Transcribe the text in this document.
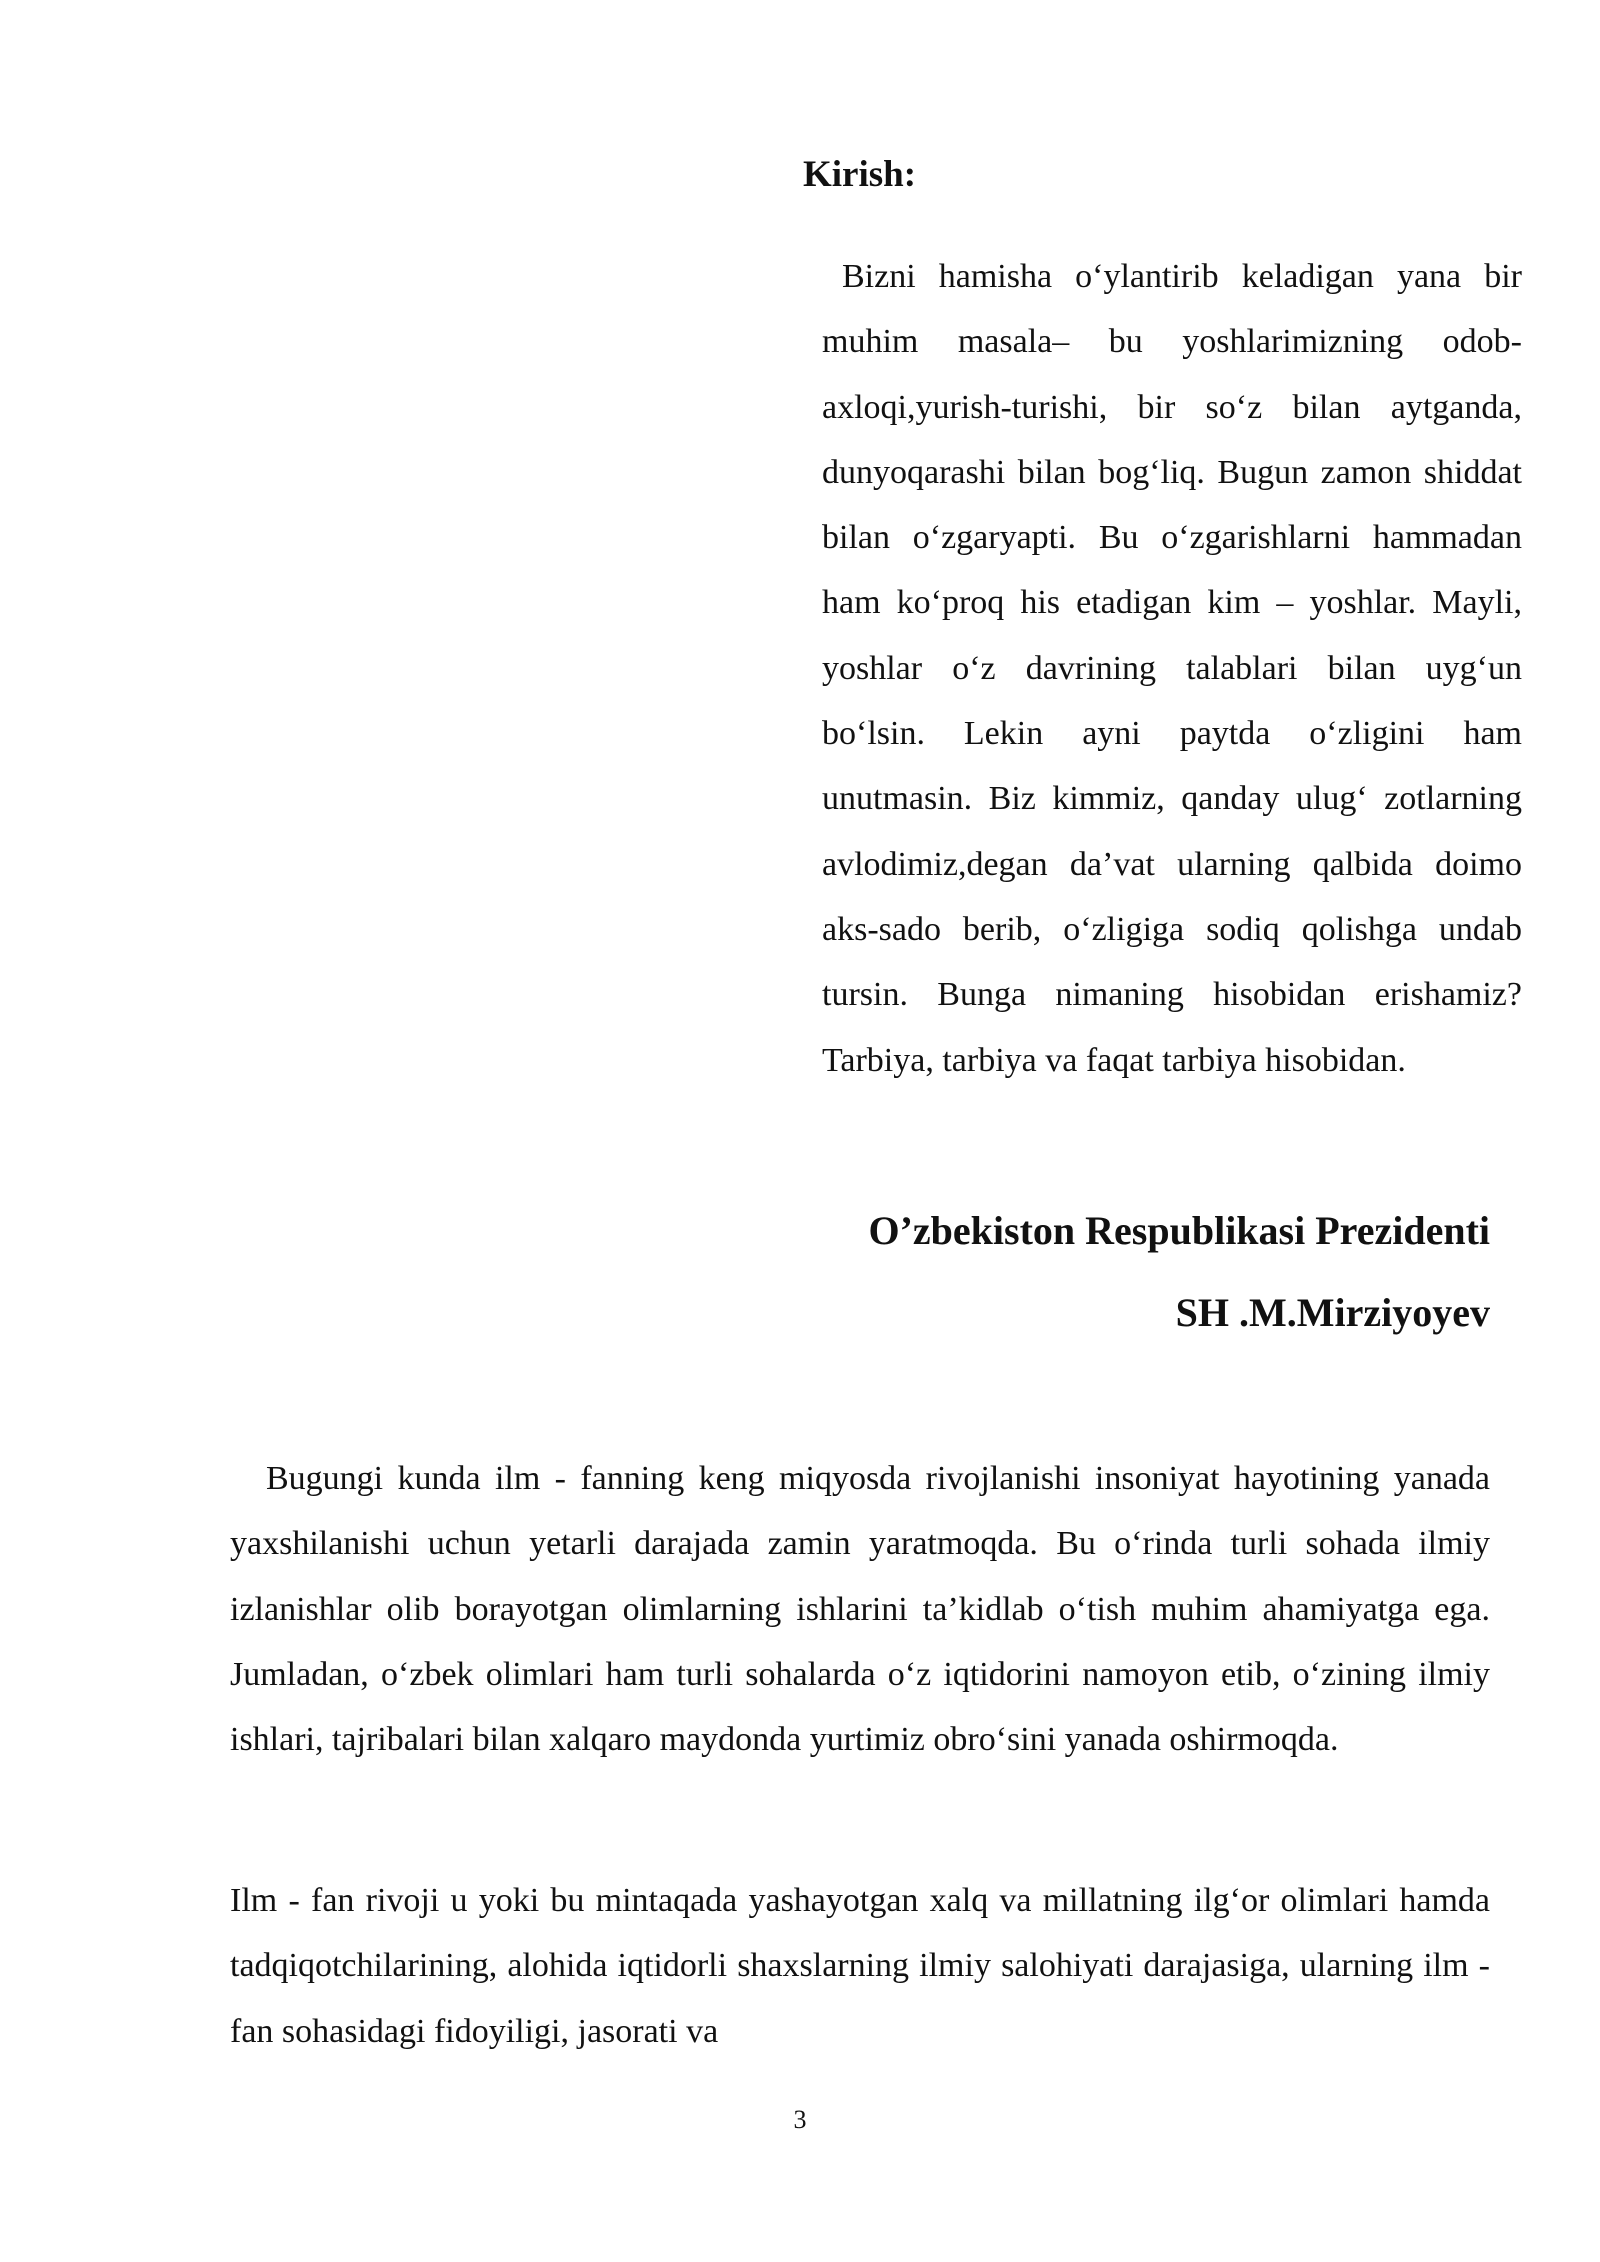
Kirish:

Bizni hamisha o‘ylantirib keladigan yana bir muhim masala– bu yoshlarimizning odob-axloqi,yurish-turishi, bir so‘z bilan aytganda, dunyoqarashi bilan bog‘liq. Bugun zamon shiddat bilan o‘zgaryapti. Bu o‘zgarishlarni hammadan ham ko‘proq his etadigan kim – yoshlar. Mayli, yoshlar o‘z davrining talablari bilan uyg‘un bo‘lsin. Lekin ayni paytda o‘zligini ham unutmasin. Biz kimmiz, qanday ulug‘ zotlarning avlodimiz,degan da’vat ularning qalbida doimo aks-sado berib, o‘zligiga sodiq qolishga undab tursin. Bunga nimaning hisobidan erishamiz? Tarbiya, tarbiya va faqat tarbiya hisobidan.

O’zbekiston Respublikasi Prezidenti
SH .M.Mirziyoyev

Bugungi kunda ilm - fanning keng miqyosda rivojlanishi insoniyat hayotining yanada yaxshilanishi uchun yetarli darajada zamin yaratmoqda. Bu o‘rinda turli sohada ilmiy izlanishlar olib borayotgan olimlarning ishlarini ta’kidlab o‘tish muhim ahamiyatga ega. Jumladan, o‘zbek olimlari ham turli sohalarda o‘z iqtidorini namoyon etib, o‘zining ilmiy ishlari, tajribalari bilan xalqaro maydonda yurtimiz obro‘sini yanada oshirmoqda.

Ilm - fan rivoji u yoki bu mintaqada yashayotgan xalq va millatning ilg‘or olimlari hamda tadqiqotchilarining, alohida iqtidorli shaxslarning ilmiy salohiyati darajasiga, ularning ilm - fan sohasidagi fidoyiligi, jasorati va

3
